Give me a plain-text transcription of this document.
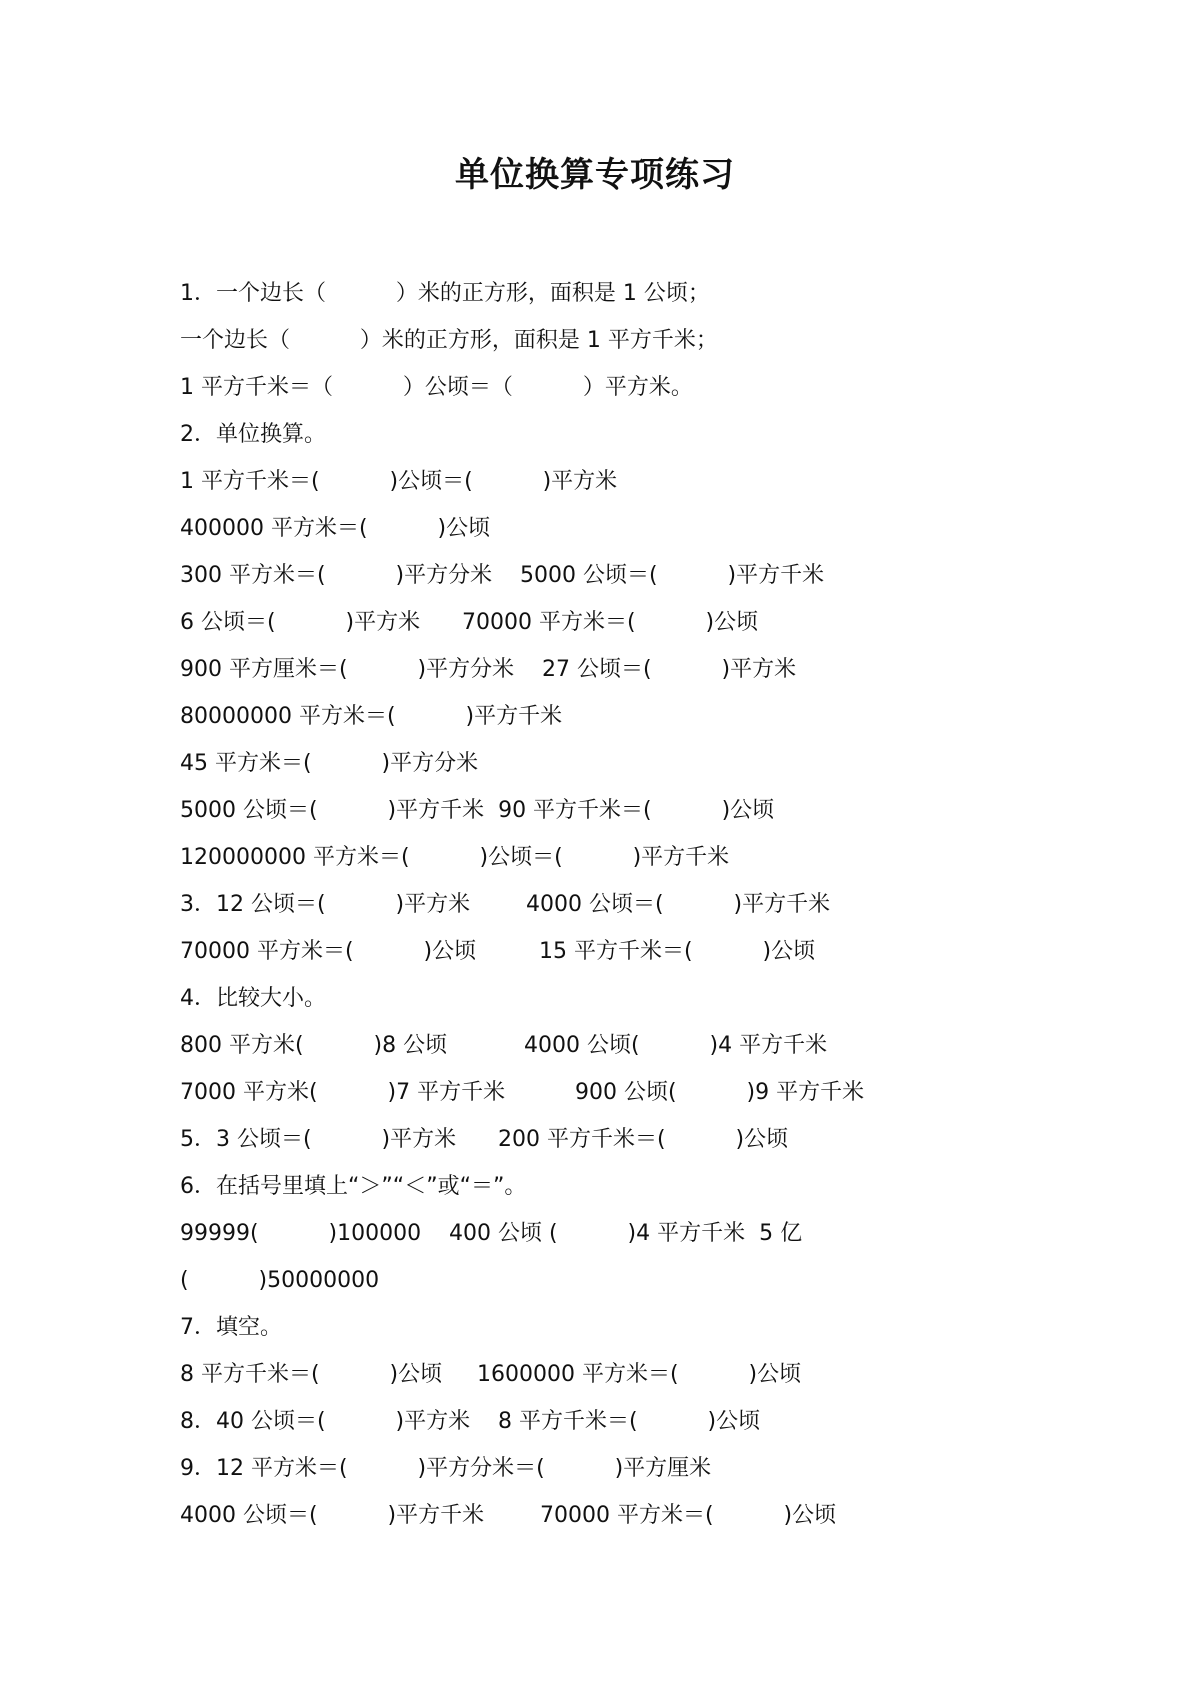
单位换算专项练习

1．一个边长（          ）米的正方形，面积是 1 公顷；

一个边长（          ）米的正方形，面积是 1 平方千米；

1 平方千米＝（          ）公顷＝（          ）平方米。

2．单位换算。

1 平方千米＝(          )公顷＝(          )平方米

400000 平方米＝(          )公顷

300 平方米＝(          )平方分米    5000 公顷＝(          )平方千米

6 公顷＝(          )平方米      70000 平方米＝(          )公顷

900 平方厘米＝(          )平方分米    27 公顷＝(          )平方米

80000000 平方米＝(          )平方千米

45 平方米＝(          )平方分米

5000 公顷＝(          )平方千米  90 平方千米＝(          )公顷

120000000 平方米＝(          )公顷＝(          )平方千米

3．12 公顷＝(          )平方米        4000 公顷＝(          )平方千米

70000 平方米＝(          )公顷         15 平方千米＝(          )公顷

4．比较大小。

800 平方米(          )8 公顷           4000 公顷(          )4 平方千米

7000 平方米(          )7 平方千米          900 公顷(          )9 平方千米

5．3 公顷＝(          )平方米      200 平方千米＝(          )公顷

6．在括号里填上“＞”“＜”或“＝”。

99999(          )100000    400 公顷 (          )4 平方千米  5 亿

(          )50000000

7．填空。

8 平方千米＝(          )公顷     1600000 平方米＝(          )公顷

8．40 公顷＝(          )平方米    8 平方千米＝(          )公顷

9．12 平方米＝(          )平方分米＝(          )平方厘米

4000 公顷＝(          )平方千米        70000 平方米＝(          )公顷
